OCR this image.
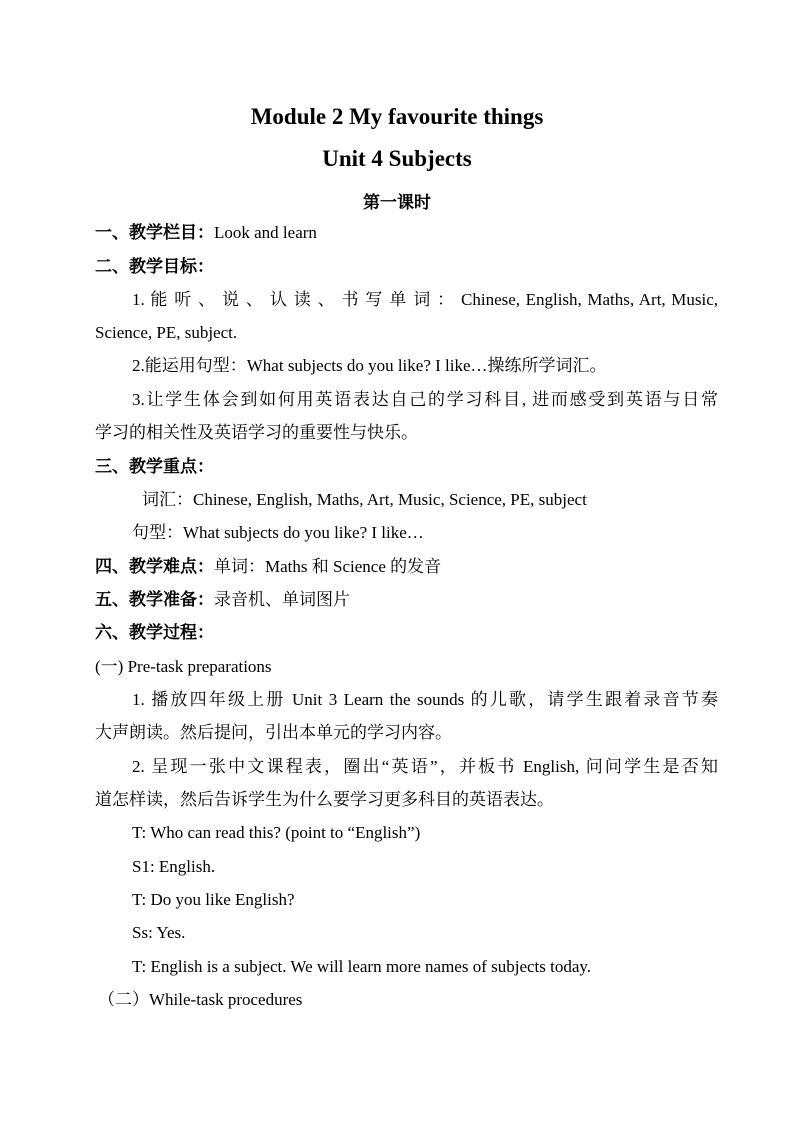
Module 2 My favourite things
Unit 4 Subjects
第一课时
一、教学栏目：Look and learn
二、教学目标：
1. 能 听 、 说 、 认 读 、 书 写 单 词 ： Chinese, English, Maths, Art, Music,
Science, PE, subject.
2.能运用句型：What subjects do you like? I like…操练所学词汇。
3.让学生体会到如何用英语表达自己的学习科目, 进而感受到英语与日常
学习的相关性及英语学习的重要性与快乐。
三、教学重点：
词汇：Chinese, English, Maths, Art, Music, Science, PE, subject
句型：What subjects do you like? I like…
四、教学难点：单词：Maths 和 Science 的发音
五、教学准备：录音机、单词图片
六、教学过程：
(一) Pre-task preparations
1. 播放四年级上册 Unit 3 Learn the sounds 的儿歌，请学生跟着录音节奏
大声朗读。然后提问，引出本单元的学习内容。
2. 呈现一张中文课程表，圈出“英语”，并板书 English, 问问学生是否知
道怎样读，然后告诉学生为什么要学习更多科目的英语表达。
T: Who can read this? (point to “English”)
S1: English.
T: Do you like English?
Ss: Yes.
T: English is a subject. We will learn more names of subjects today.
（二）While-task procedures
